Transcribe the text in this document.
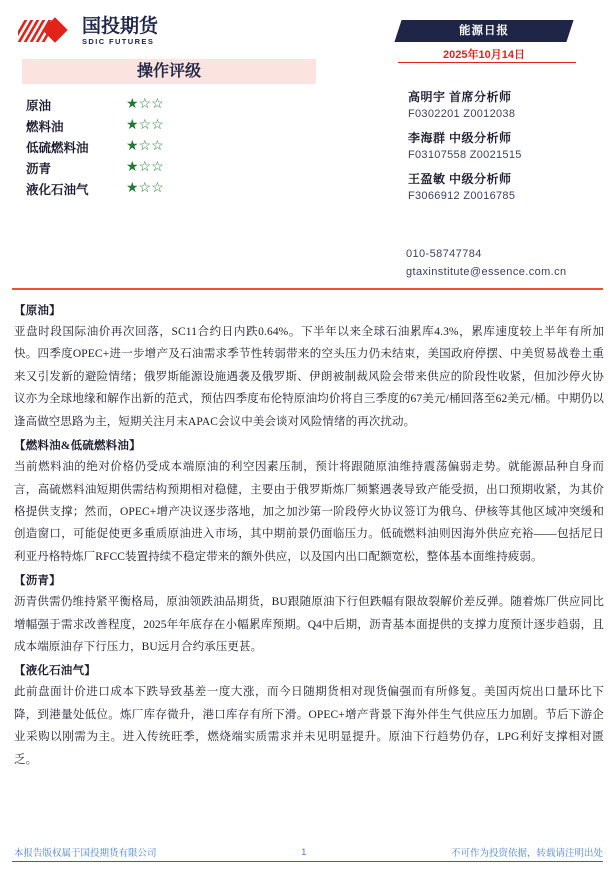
国投期货
SDIC FUTURES
操作评级
原油	★☆☆
燃料油	★☆☆
低硫燃料油	★☆☆
沥青	★☆☆
液化石油气	★☆☆
能源日报
2025年10月14日
高明宇 首席分析师
F0302201 Z0012038
李海群 中级分析师
F03107558 Z0021515
王盈敏 中级分析师
F3066912 Z0016785
010-58747784
gtaxinstitute@essence.com.cn
【原油】

亚盘时段国际油价再次回落，SC11合约日内跌0.64%。下半年以来全球石油累库4.3%，累库速度较上半年有所加快。四季度OPEC+进一步增产及石油需求季节性转弱带来的空头压力仍未结束，美国政府停摆、中美贸易战卷土重来又引发新的避险情绪；俄罗斯能源设施遇袭及俄罗斯、伊朗被制裁风险会带来供应的阶段性收紧，但加沙停火协议亦为全球地缘和解作出新的范式，预估四季度布伦特原油均价将自三季度的67美元/桶回落至62美元/桶。中期仍以逢高做空思路为主，短期关注月末APAC会议中美会谈对风险情绪的再次扰动。

【燃料油&低硫燃料油】

当前燃料油的绝对价格仍受成本端原油的利空因素压制，预计将跟随原油维持震荡偏弱走势。就能源品种自身而言，高硫燃料油短期供需结构预期相对稳健，主要由于俄罗斯炼厂频繁遇袭导致产能受损，出口预期收紧，为其价格提供支撑；然而，OPEC+增产决议逐步落地，加之加沙第一阶段停火协议签订为俄乌、伊核等其他区域冲突缓和创造窗口，可能促使更多重质原油进入市场，其中期前景仍面临压力。低硫燃料油则因海外供应充裕——包括尼日利亚丹格特炼厂RFCC装置持续不稳定带来的额外供应，以及国内出口配额宽松，整体基本面维持疲弱。

【沥青】

沥青供需仍维持紧平衡格局，原油领跌油品期货，BU跟随原油下行但跌幅有限故裂解价差反弹。随着炼厂供应同比增幅强于需求改善程度，2025年年底存在小幅累库预期。Q4中后期，沥青基本面提供的支撑力度预计逐步趋弱，且成本端原油存下行压力，BU远月合约承压更甚。

【液化石油气】

此前盘面计价进口成本下跌导致基差一度大涨，而今日随期货相对现货偏强而有所修复。美国丙烷出口量环比下降，到港量处低位。炼厂库存微升，港口库存有所下滑。OPEC+增产背景下海外伴生气供应压力加剧。节后下游企业采购以刚需为主。进入传统旺季，燃烧端实质需求并未见明显提升。原油下行趋势仍存，LPG利好支撑相对匮乏。

本报告版权属于国投期货有限公司	1	不可作为投资依据，转载请注明出处
